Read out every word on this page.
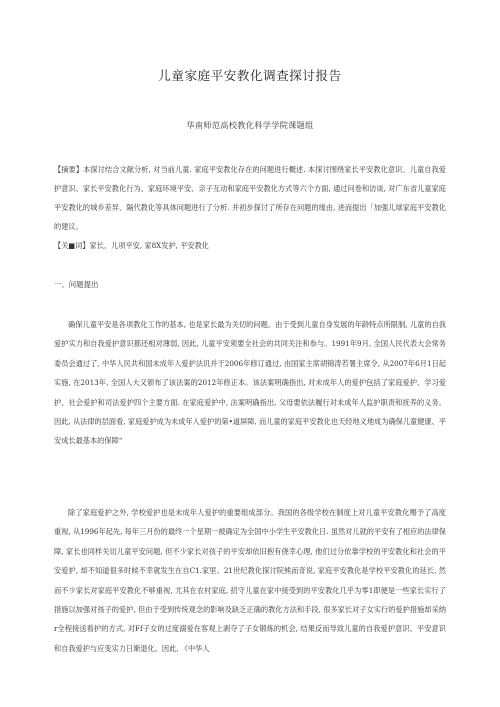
儿童家庭平安教化调查探讨报告
华南师范高校教化科学学院课题组
【摘要】本探讨结合文献分析, 对当前儿童. 家庭平安教化存在的问题进行概述. 本探讨围绕家长平安教化意识、儿童自我爱护意识、家长平安教化行为、家庭环境平安、亲子互动和家庭平安教化方式等六个方面, 通过问卷和访谈, 对广东省儿童家庭平安教化的城乡差异、隔代教化等具体问题进行了分析. 并初步探讨了所存在问题的缘由, 进而提出「加强儿球家庭平安教化的建议。
【关■词】家长、儿项平安, 家8X发护, 平安教化
一、问题提出

确保儿童平安是各项教化工作的基本, 也是家长最为关切的问题。由于受到儿童自身发展的年龄特点所限制, 儿童的自我爱护实力和自我爱护意识都还相对薄弱, 因此, 儿童平安须要全社会的共同关注和参与。1991年9月, 全国人民代表大会常务委员会通过了, 中华人民共和国未成年人爱护法讥并于2006年修订通过, 由国家主席胡锦涛若署主席令, 从2007年6月1日起实施, 在2013年, 全国人大又颁布了该法案的2012年修正本。该法案明确指出, 对未成年人的爱护包括了家庭爱护、学习爱护、社会爱护和司法爱护四个主要方面. 在家庭爱护中, 法案明确指出, 父母要依法履行对未成年人监护职责和抚养的义务。因此, 从法律的层面看, 家庭爱护成为未成年人爱护的第•道屏障, 而儿童的家庭平安教化也天经地义地成为确保儿童健康、平安成长最基本的保障“

除了家庭爱护之外, 学校爱护也是未成年人爱护的重要组成部分。我国的各级学校在制度上对儿童平安教化赐予了高度重视, 从1996年起先, 每年三月份的最终一个星期一被确定为全国中小学生平安教化日. 虽然对儿就的平安有了相应的法律保障, 家长也同样关切儿童平安问题, 但不少家长对孩子的平安却依旧抱有侥幸心理, 他们过分依靠学校的平安教化和社会的平安爱护, 却不知道很多时候不幸就发生在自C1.家里。21世纪教化探讨院熊而奇说, 家庭平安教化是学校平安教化的延长, 然而不少家长对家庭平安教化不够重视, 尤其在农村家庭, 招守儿童在家中接受到的平安教化几乎为零1即便是一些家长实行了措施以加强对孩子的爱护, 但由于受到传统观念的影响及缺乏正确的教化方法和手段, 很多家长对子女实行的爱护措施却采纳r全程接送看护的方式, 对Ff子女的过度溺爱在客观上剥夺了子女锻炼的机会, 结果反而导致儿童的自我爱护意识、平安意识和自我爱护与应变实力日渐退化。因此, 《中华人
